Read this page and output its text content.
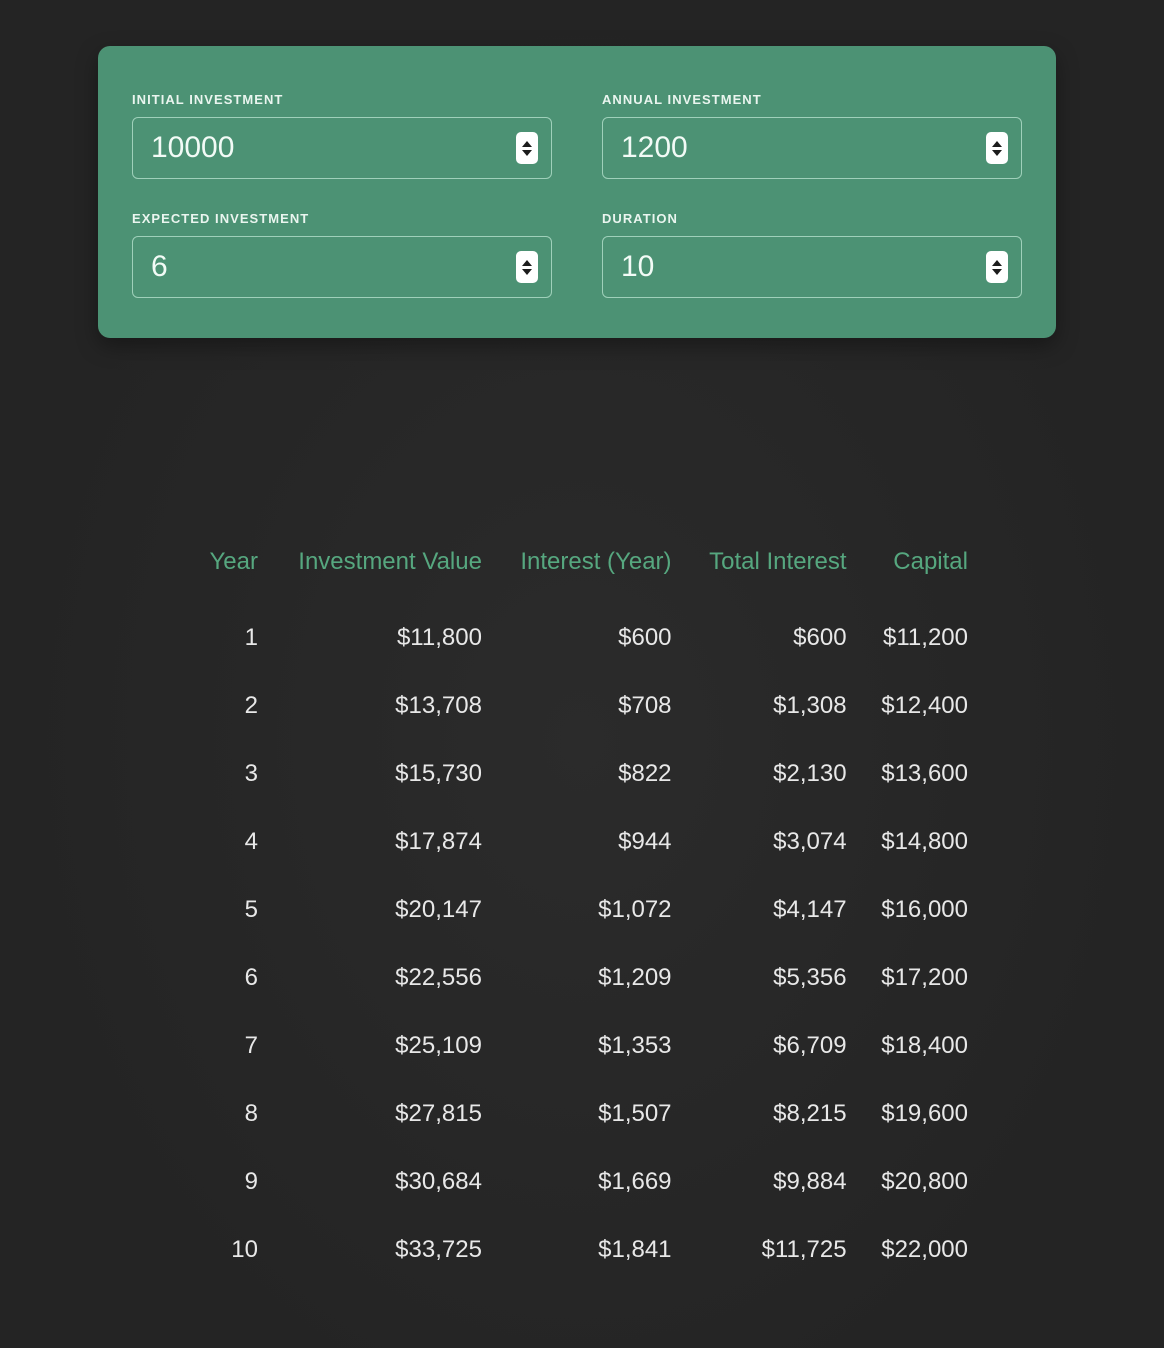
INITIAL INVESTMENT
10000	ANNUAL INVESTMENT
1200
EXPECTED INVESTMENT
6	DURATION
10
Year	Investment Value	Interest (Year)	Total Interest	Capital
1	$11,800	$600	$600	$11,200
2	$13,708	$708	$1,308	$12,400
3	$15,730	$822	$2,130	$13,600
4	$17,874	$944	$3,074	$14,800
5	$20,147	$1,072	$4,147	$16,000
6	$22,556	$1,209	$5,356	$17,200
7	$25,109	$1,353	$6,709	$18,400
8	$27,815	$1,507	$8,215	$19,600
9	$30,684	$1,669	$9,884	$20,800
10	$33,725	$1,841	$11,725	$22,000
